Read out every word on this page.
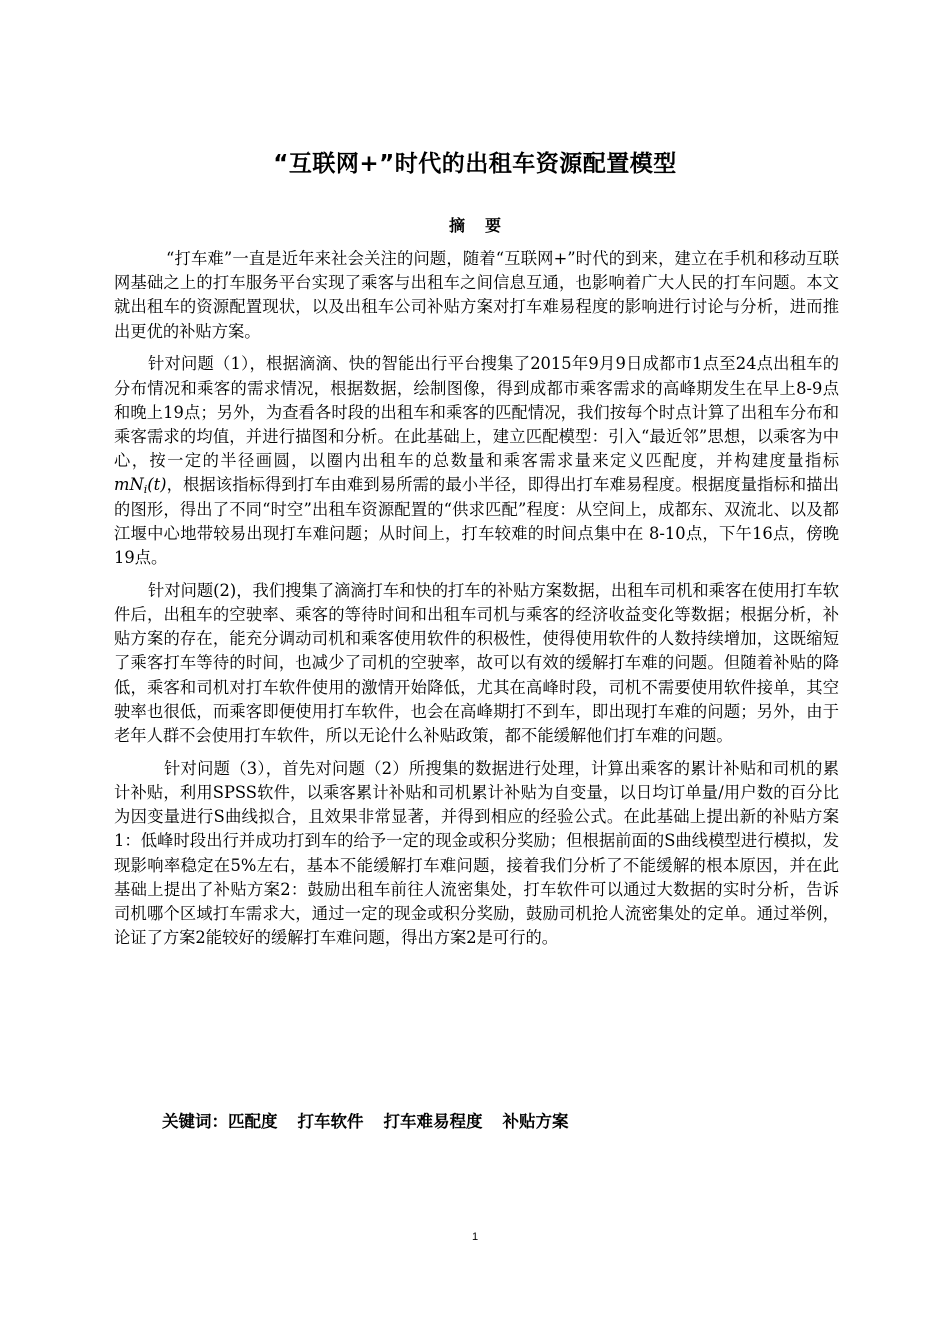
“互联网+”时代的出租车资源配置模型
摘要

“打车难”一直是近年来社会关注的问题，随着“互联网+”时代的到来，建立在手机和移动互联网基础之上的打车服务平台实现了乘客与出租车之间信息互通，也影响着广大人民的打车问题。本文就出租车的资源配置现状，以及出租车公司补贴方案对打车难易程度的影响进行讨论与分析，进而推出更优的补贴方案。

针对问题（1），根据滴滴、快的智能出行平台搜集了2015年9月9日成都市1点至24点出租车的分布情况和乘客的需求情况，根据数据，绘制图像，得到成都市乘客需求的高峰期发生在早上8-9点和晚上19点；另外，为查看各时段的出租车和乘客的匹配情况，我们按每个时点计算了出租车分布和乘客需求的均值，并进行描图和分析。在此基础上，建立匹配模型：引入“最近邻”思想，以乘客为中心，按一定的半径画圆，以圈内出租车的总数量和乘客需求量来定义匹配度，并构建度量指标$mN_i(t)$，根据该指标得到打车由难到易所需的最小半径，即得出打车难易程度。根据度量指标和描出的图形，得出了不同“时空”出租车资源配置的“供求匹配”程度：从空间上，成都东、双流北、以及都江堰中心地带较易出现打车难问题；从时间上，打车较难的时间点集中在 8-10点，下午16点，傍晚19点。

针对问题(2)，我们搜集了滴滴打车和快的打车的补贴方案数据，出租车司机和乘客在使用打车软件后，出租车的空驶率、乘客的等待时间和出租车司机与乘客的经济收益变化等数据；根据分析，补贴方案的存在，能充分调动司机和乘客使用软件的积极性，使得使用软件的人数持续增加，这既缩短了乘客打车等待的时间，也减少了司机的空驶率，故可以有效的缓解打车难的问题。但随着补贴的降低，乘客和司机对打车软件使用的激情开始降低，尤其在高峰时段，司机不需要使用软件接单，其空驶率也很低，而乘客即便使用打车软件，也会在高峰期打不到车，即出现打车难的问题；另外，由于老年人群不会使用打车软件，所以无论什么补贴政策，都不能缓解他们打车难的问题。

针对问题（3），首先对问题（2）所搜集的数据进行处理，计算出乘客的累计补贴和司机的累计补贴，利用SPSS软件，以乘客累计补贴和司机累计补贴为自变量，以日均订单量/用户数的百分比为因变量进行S曲线拟合，且效果非常显著，并得到相应的经验公式。在此基础上提出新的补贴方案1：低峰时段出行并成功打到车的给予一定的现金或积分奖励；但根据前面的S曲线模型进行模拟，发现影响率稳定在5%左右，基本不能缓解打车难问题，接着我们分析了不能缓解的根本原因，并在此基础上提出了补贴方案2：鼓励出租车前往人流密集处，打车软件可以通过大数据的实时分析，告诉司机哪个区域打车需求大，通过一定的现金或积分奖励，鼓励司机抢人流密集处的定单。通过举例，论证了方案2能较好的缓解打车难问题，得出方案2是可行的。

关键词：匹配度 打车软件 打车难易程度 补贴方案
1
